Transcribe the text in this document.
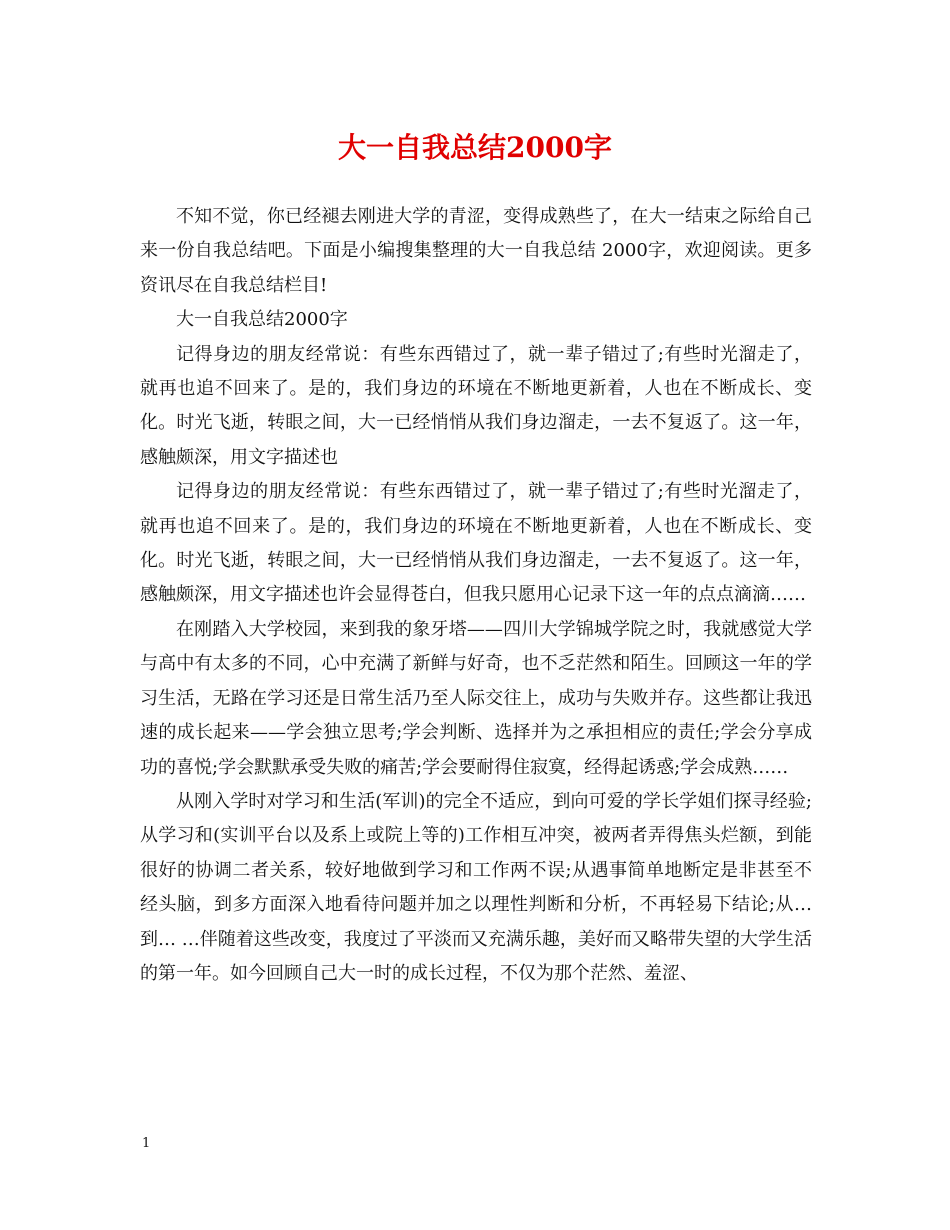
大一自我总结2000字

不知不觉，你已经褪去刚进大学的青涩，变得成熟些了，在大一结束之际给自己来一份自我总结吧。下面是小编搜集整理的大一自我总结 2000字，欢迎阅读。更多资讯尽在自我总结栏目!

大一自我总结2000字

记得身边的朋友经常说：有些东西错过了，就一辈子错过了;有些时光溜走了，就再也追不回来了。是的，我们身边的环境在不断地更新着，人也在不断成长、变化。时光飞逝，转眼之间，大一已经悄悄从我们身边溜走，一去不复返了。这一年，感触颇深，用文字描述也

记得身边的朋友经常说：有些东西错过了，就一辈子错过了;有些时光溜走了，就再也追不回来了。是的，我们身边的环境在不断地更新着，人也在不断成长、变化。时光飞逝，转眼之间，大一已经悄悄从我们身边溜走，一去不复返了。这一年，感触颇深，用文字描述也许会显得苍白，但我只愿用心记录下这一年的点点滴滴……

在刚踏入大学校园，来到我的象牙塔——四川大学锦城学院之时，我就感觉大学与高中有太多的不同，心中充满了新鲜与好奇，也不乏茫然和陌生。回顾这一年的学习生活，无路在学习还是日常生活乃至人际交往上，成功与失败并存。这些都让我迅速的成长起来——学会独立思考;学会判断、选择并为之承担相应的责任;学会分享成功的喜悦;学会默默承受失败的痛苦;学会要耐得住寂寞，经得起诱惑;学会成熟……

从刚入学时对学习和生活(军训)的完全不适应，到向可爱的学长学姐们探寻经验;从学习和(实训平台以及系上或院上等的)工作相互冲突，被两者弄得焦头烂额，到能很好的协调二者关系，较好地做到学习和工作两不误;从遇事简单地断定是非甚至不经头脑，到多方面深入地看待问题并加之以理性判断和分析，不再轻易下结论;从…到… …伴随着这些改变，我度过了平淡而又充满乐趣，美好而又略带失望的大学生活的第一年。如今回顾自己大一时的成长过程，不仅为那个茫然、羞涩、

1
